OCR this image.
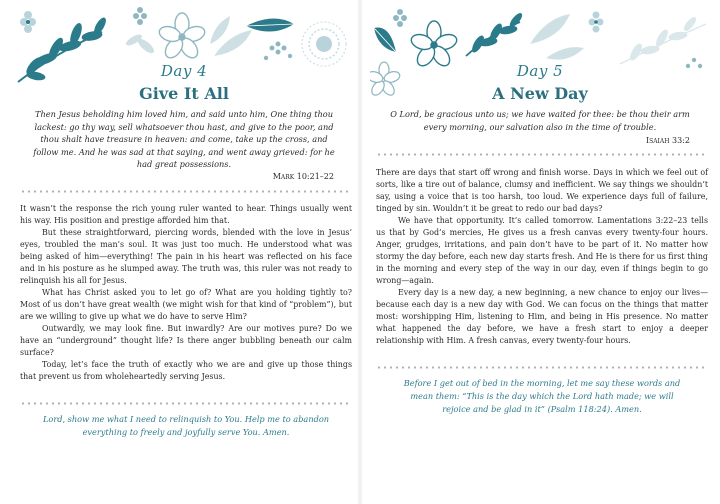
Day 4
Give It All
Then Jesus beholding him loved him, and said unto him, One thing thou lackest: go thy way, sell whatsoever thou hast, and give to the poor, and thou shalt have treasure in heaven: and come, take up the cross, and follow me. And he was sad at that saying, and went away grieved: for he had great possessions.
Mark 10:21–22

It wasn’t the response the rich young ruler wanted to hear. Things usually went his way. His position and prestige afforded him that.

But these straightforward, piercing words, blended with the love in Jesus’ eyes, troubled the man’s soul. It was just too much. He understood what was being asked of him—everything! The pain in his heart was reflected on his face and in his posture as he slumped away. The truth was, this ruler was not ready to relinquish his all for Jesus.

What has Christ asked you to let go of? What are you holding tightly to? Most of us don’t have great wealth (we might wish for that kind of “problem”), but are we willing to give up what we do have to serve Him?

Outwardly, we may look fine. But inwardly? Are our motives pure? Do we have an “underground” thought life? Is there anger bubbling beneath our calm surface?

Today, let’s face the truth of exactly who we are and give up those things that prevent us from wholeheartedly serving Jesus.

Lord, show me what I need to relinquish to You. Help me to abandon everything to freely and joyfully serve You. Amen.
Day 5
A New Day
O Lord, be gracious unto us; we have waited for thee: be thou their arm every morning, our salvation also in the time of trouble.
Isaiah 33:2

There are days that start off wrong and finish worse. Days in which we feel out of sorts, like a tire out of balance, clumsy and inefficient. We say things we shouldn’t say, using a voice that is too harsh, too loud. We experience days full of failure, tinged by sin. Wouldn’t it be great to redo our bad days?

We have that opportunity. It’s called tomorrow. Lamentations 3:22–23 tells us that by God’s mercies, He gives us a fresh canvas every twenty-four hours. Anger, grudges, irritations, and pain don’t have to be part of it. No matter how stormy the day before, each new day starts fresh. And He is there for us first thing in the morning and every step of the way in our day, even if things begin to go wrong—again.

Every day is a new day, a new beginning, a new chance to enjoy our lives—because each day is a new day with God. We can focus on the things that matter most: worshipping Him, listening to Him, and being in His presence. No matter what happened the day before, we have a fresh start to enjoy a deeper relationship with Him. A fresh canvas, every twenty-four hours.

Before I get out of bed in the morning, let me say these words and mean them: “This is the day which the Lord hath made; we will rejoice and be glad in it” (Psalm 118:24). Amen.
